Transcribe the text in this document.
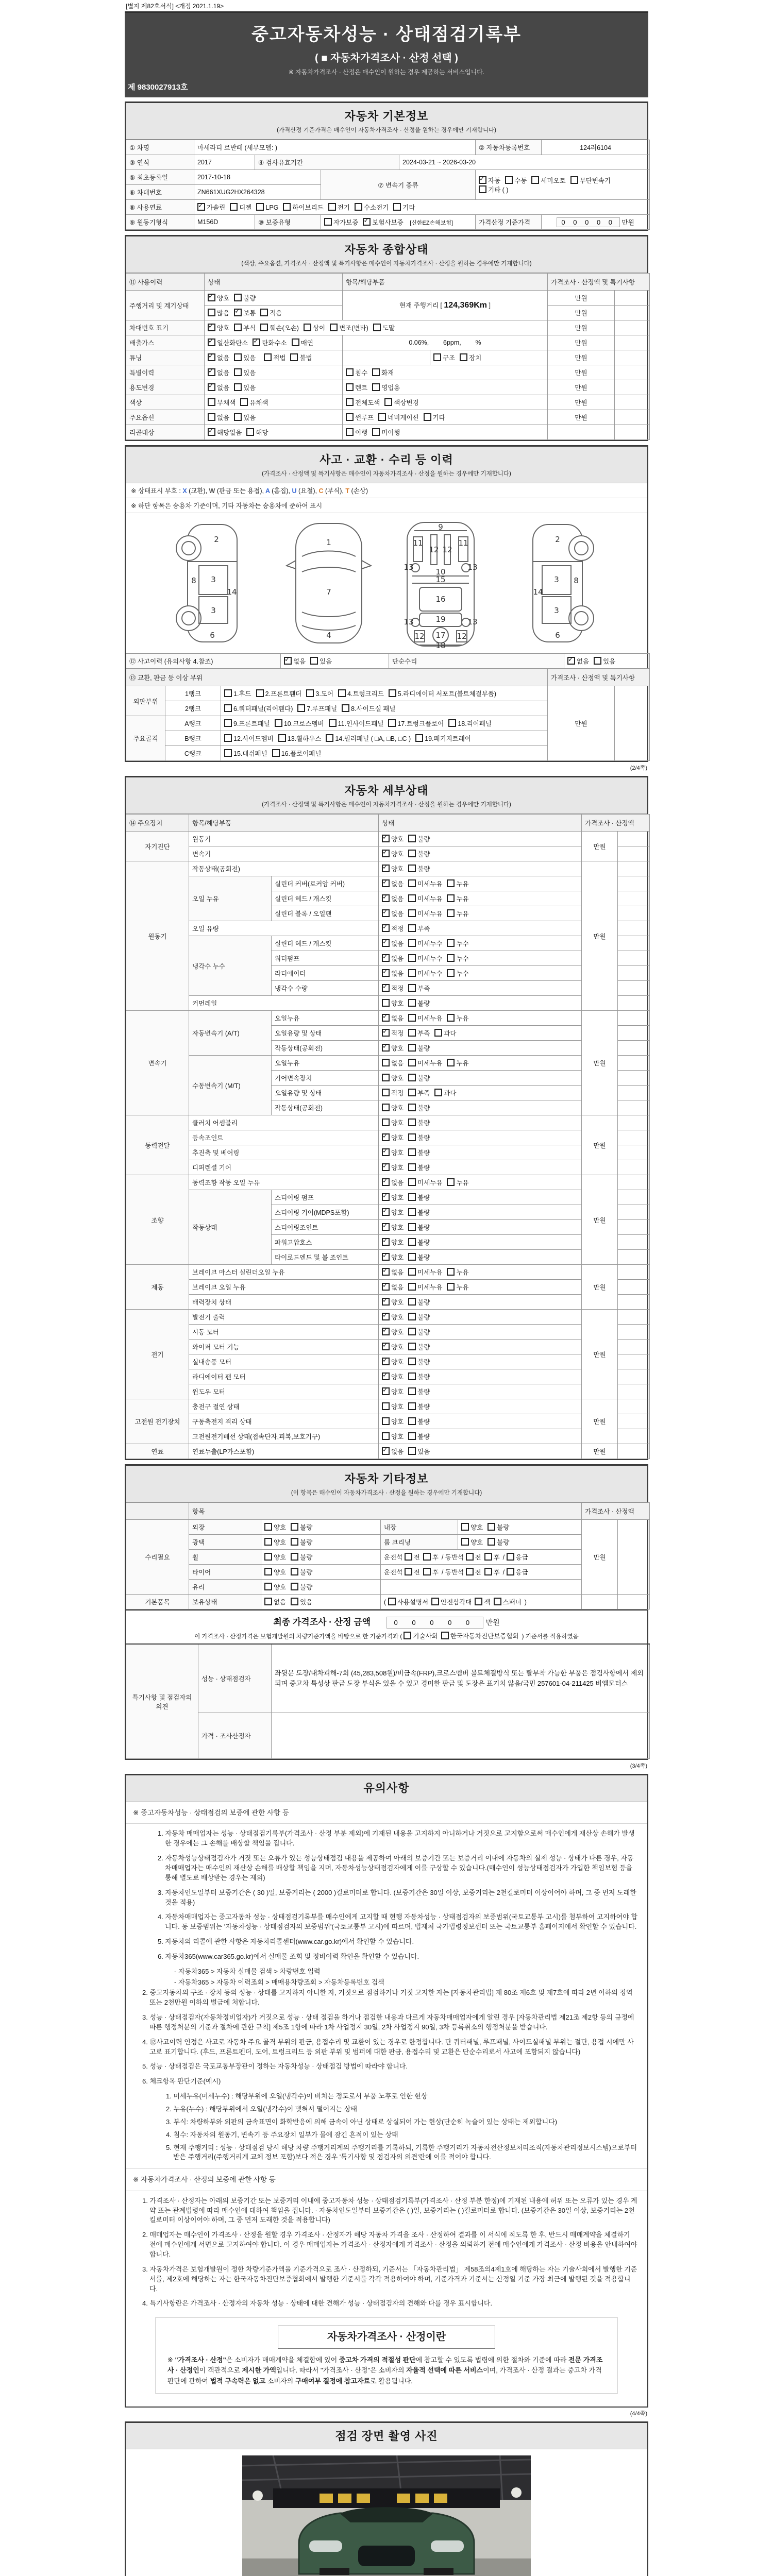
[별지 제82호서식] <개정 2021.1.19>
중고자동차성능 · 상태점검기록부
( ■ 자동차가격조사 · 산정 선택 )
※ 자동차가격조사 · 산정은 매수인이 원하는 경우 제공하는 서비스입니다.
제 9830027913호
자동차 기본정보
(가격산정 기준가격은 매수인이 자동차가격조사 · 산정을 원하는 경우에만 기재합니다)
① 차명	마세라티 르반떼 (세부모델: )				② 자동차등록번호	124러6104
③ 연식	2017	④ 검사유효기간		2024-03-21 ~ 2026-03-20		
⑤ 최초등록일	2017-10-18		⑦ 변속기 종류	✓자동 수동 세미오토 무단변속기기타 ( )
⑥ 차대번호	ZN661XUG2HX264328					
⑧ 사용연료	✓가솔린 디젤 LPG 하이브리드 전기 수소전기 기타
⑨ 원동기형식	M156D	⑩ 보증유형	자가보증 ✓ 보험사보증 [신한EZ손해보험]		가격산정 기준가격	0 0 0 0 0 만원
자동차 종합상태
(색상, 주요옵션, 가격조사 · 산정액 및 특기사항은 매수인이 자동차가격조사 · 산정을 원하는 경우에만 기재합니다)
⑪ 사용이력	상태	항목/해당부품		가격조사 · 산정액 및 특기사항	
주행거리 및 계기상태	✓양호 불량	현재 주행거리 [ 124,369Km ]		만원	
	많음 ✓ 보통 적음			만원	
차대번호 표기	✓양호 부식 훼손(오손) 상이 변조(변타) 도말			만원	
배출가스	✓일산화탄소 ✓ 탄화수소 매연	0.06%,        6ppm,        %		만원	
튜닝	✓없음 있음 적법 불법		구조 장치	만원	
특별이력	✓없음 있음	침수 화재		만원	
용도변경	✓없음 있음	렌트 영업용		만원	
색상	무채색 유채색	전체도색 색상변경		만원	
주요옵션	없음 있음	썬루프 네비게이션 기타		만원	
리콜대상	✓해당없음 해당	이행 미이행			
사고 · 교환 · 수리 등 이력
(가격조사 · 산정액 및 특기사항은 매수인이 자동차가격조사 · 산정을 원하는 경우에만 기재합니다)
※ 상태표시 부호 : X (교환), W (판금 또는 용접), A (흠집), U (요철), C (부식), T (손상)
※ 하단 항목은 승용차 기준이며, 기타 자동차는 승용차에 준하여 표시
2
8 3
14
3
6
1
7
4
11
9
11
13
12 12
13
10
15
16
13	19	13
12 17 12
18
2
3 8
14
3
6
⑫ 사고이력 (유의사항 4.참조)	✓없음 있음	단순수리	✓없음 있음
⑬ 교환, 판금 등 이상 부위			가격조사 · 산정액 및 특기사항	
외판부위	1랭크	1.후드 2.프론트휀더 3.도어 4.트렁크리드 5.라디에이터 서포트(볼트체결부품)	만원	
	2랭크	6.쿼터패널(리어휀다) 7.루프패널 8.사이드실 패널		
주요골격	A랭크	9.프론트패널 10.크로스멤버 11.인사이드패널 17.트렁크플로어 18.리어패널		
	B랭크	12.사이드멤버 13.휠하우스 14.필러패널 ( □A, □B, □C ) 19.패키지트레이		
	C랭크	15.대쉬패널 16.플로어패널		
(2/4쪽)
자동차 세부상태
(가격조사 · 산정액 및 특기사항은 매수인이 자동차가격조사 · 산정을 원하는 경우에만 기재합니다)
⑭ 주요장치	항목/해당부품		상태	가격조사 · 산정액	
자기진단	원동기	✓양호 불량	만원	
	변속기	✓양호 불량	
원동기	작동상태(공회전)	✓양호 불량	만원	
	오일 누유	실린더 커버(로커암 커버)	✓없음 미세누유 누유	
		실린더 헤드 / 개스킷	✓없음 미세누유 누유	
		실린더 블록 / 오일팬	✓없음 미세누유 누유	
	오일 유량	✓적정 부족	
	냉각수 누수	실린더 헤드 / 개스킷	✓없음 미세누수 누수	
		워터펌프	✓없음 미세누수 누수	
		라디에이터	✓없음 미세누수 누수	
		냉각수 수량	✓적정 부족	
	커먼레일		양호 불량		
변속기	자동변속기 (A/T)	오일누유	✓없음 미세누유 누유	만원	
		오일유량 및 상태	✓적정 부족 과다	
		작동상태(공회전)	✓양호 불량	
	수동변속기 (M/T)	오일누유	없음 미세누유 누유		
		기어변속장치	양호 불량		
		오일유량 및 상태	적정 부족 과다		
		작동상태(공회전)	양호 불량		
동력전달	클러치 어셈블리		양호 불량	만원	
	등속조인트	✓양호 불량	
	추진축 및 베어링	✓양호 불량	
	디퍼렌셜 기어	✓양호 불량	
조향	동력조향 작동 오일 누유	✓없음 미세누유 누유	만원	
	작동상태	스티어링 펌프	✓양호 불량	
		스티어링 기어(MDPS포함)	✓양호 불량	
		스티어링조인트	✓양호 불량	
		파워고압호스	✓양호 불량	
		타이로드엔드 및 볼 조인트	✓양호 불량	
제동	브레이크 마스터 실린더오일 누유	✓없음 미세누유 누유	만원	
	브레이크 오일 누유	✓없음 미세누유 누유	
	배력장치 상태	✓양호 불량	
전기	발전기 출력	✓양호 불량	만원	
	시동 모터	✓양호 불량	
	와이퍼 모터 기능	✓양호 불량	
	실내송풍 모터	✓양호 불량	
	라디에이터 팬 모터	✓양호 불량	
	윈도우 모터	✓양호 불량	
고전원 전기장치	충전구 절연 상태		양호 불량	만원	
	구동축전지 격리 상태		양호 불량		
	고전원전기배선 상태(접속단자,피복,보호기구)		양호 불량		
연료	연료누출(LP가스포함)	✓없음 있음	만원	
자동차 기타정보
(이 항목은 매수인이 자동차가격조사 · 산정을 원하는 경우에만 기재합니다)
	항목				가격조사 · 산정액	
수리필요	외장	양호 불량	내장	양호 불량	만원	
	광택	양호 불량	룸 크리닝	양호 불량		
	휠	양호 불량	운전석 전 후 / 동반석 전 후 / 응급			
	타이어	양호 불량	운전석 전 후 / 동반석 전 후 / 응급			
	유리	양호 불량				
기본품목	보유상태	없음 있음	( 사용설명서 안전삼각대 잭 스패너 )			
최종 가격조사 · 산정 금액	0 0 0 0 0 만원
이 가격조사 · 산정가격은 보험개발원의 차량기준가액을 바탕으로 한 기준가격과 ( 기술사회 한국자동차진단보증협회 ) 기준서를 적용하였음
특기사항 및 점검자의 의견	성능 · 상태점검자	좌뒷문 도장/내차피해-7회 (45,283,508원)/비금속(FRP),크로스멤버 볼트체결방식 또는 탈부착 가능한 부품은 점검사항에서 제외되며 중고차 특성상 판금 도장 부식은 있을 수 있고 경미한 판금 및 도장은 표기치 않음/국민 257601-04-211425 비엠모터스
	가격 · 조사산정자	
(3/4쪽)
유의사항
※ 중고자동차성능 · 상태점검의 보증에 관한 사항 등
1. 자동차 매매업자는 성능 · 상태점검기록부(가격조사 · 산정 부분 제외)에 기재된 내용을 고지하지 아니하거나 거짓으로 고지함으로써 매수인에게 재산상 손해가 발생한 경우에는 그 손해를 배상할 책임을 집니다.
2. 자동차성능상태점검자가 거짓 또는 오류가 있는 성능상태점검 내용을 제공하여 아래의 보증기간 또는 보증거리 이내에 자동차의 실제 성능 · 상태가 다른 경우, 자동차매매업자는 매수인의 재산상 손해를 배상할 책임을 지며, 자동차성능상태점검자에게 이를 구상할 수 있습니다.(매수인이 성능상태점검자가 가입한 책임보험 등을 통해 별도로 배상받는 경우는 제외)
3. 자동차인도일부터 보증기간은 ( 30 )일, 보증거리는 ( 2000 )킬로미터로 합니다. (보증기간은 30일 이상, 보증거리는 2천킬로미터 이상이어야 하며, 그 중 먼저 도래한 것을 적용)
4. 자동차매매업자는 중고자동차 성능 · 상태점검기록부를 매수인에게 고지할 때 현행 자동차성능 · 상태점검자의 보증범위(국토교통부 고시)를 첨부하여 고지하여야 합니다. 동 보증범위는 '자동차성능 · 상태점검자의 보증범위'(국토교통부 고시)에 따르며, 법제처 국가법령정보센터 또는 국토교통부 홈페이지에서 확인할 수 있습니다.
5. 자동차의 리콜에 관한 사항은 자동차리콜센터(www.car.go.kr)에서 확인할 수 있습니다.
6. 자동차365(www.car365.go.kr)에서 실매물 조회 및 정비이력 확인을 확인할 수 있습니다.
- 자동차365 > 자동차 실매물 검색 > 차량번호 입력
- 자동차365 > 자동차 이력조회 > 매매용차량조회 > 자동차등록번호 검색
2. 중고자동차의 구조 · 장치 등의 성능 · 상태를 고지하지 아니한 자, 거짓으로 점검하거나 거짓 고지한 자는 [자동차관리법] 제 80조 제6호 및 제7호에 따라 2년 이하의 징역 또는 2천만원 이하의 벌금에 처합니다.
3. 성능 · 상태점검자(자동차정비업자)가 거짓으로 성능 · 상태 점검을 하거나 점검한 내용과 다르게 자동차매매업자에게 알린 경우 [자동차관리법 제21조 제2항 등의 규정에 따른 행정처분의 기준과 절차에 관한 규칙] 제5조 1항에 따라 1차 사업정지 30일, 2차 사업정지 90일, 3차 등록취소의 행정처분을 받습니다.
4. ⑫사고이력 인정은 사고로 자동차 주요 골격 부위의 판금, 용접수리 및 교환이 있는 경우로 한정합니다. 단 쿼터패널, 루프패널, 사이드실패널 부위는 절단, 용접 시에만 사고로 표기합니다. (후드, 프론트펜더, 도어, 트렁크리드 등 외판 부위 및 범퍼에 대한 판금, 용접수리 및 교환은 단순수리로서 사고에 포함되지 않습니다)
5. 성능 · 상태점검은 국토교통부장관이 정하는 자동차성능 · 상태점검 방법에 따라야 합니다.
6. 체크항목 판단기준(예시)
1. 미세누유(미세누수) : 해당부위에 오일(냉각수)이 비치는 정도로서 부품 노후로 인한 현상
2. 누유(누수) : 해당부위에서 오일(냉각수)이 맺혀서 떨어지는 상태
3. 부식: 차량하부와 외판의 금속표면이 화학반응에 의해 금속이 아닌 상태로 상실되어 가는 현상(단순히 녹슬어 있는 상태는 제외합니다)
4. 침수: 자동차의 원동기, 변속기 등 주요장치 일부가 물에 잠긴 흔적이 있는 상태
5. 현재 주행거리 : 성능 · 상태점검 당시 해당 차량 주행거리계의 주행거리를 기록하되, 기록한 주행거리가 자동차전산정보처리조직(자동차관리정보시스템)으로부터 받은 주행거리(주행거리계 교체 정보 포함)보다 적은 경우 '특기사항 및 점검자의 의견'란에 이를 적어야 합니다.
※ 자동차가격조사 · 산정의 보증에 관한 사항 등
1. 가격조사 · 산정자는 아래의 보증기간 또는 보증거리 이내에 중고자동차 성능 · 상태점검기록부(가격조사 · 산정 부분 한정)에 기재된 내용에 허위 또는 오류가 있는 경우 계약 또는 관계법령에 따라 매수인에 대하여 책임을 집니다. · 자동차인도일부터 보증기간은 ( )일, 보증거리는 ( )킬로미터로 합니다. (보증기간은 30일 이상, 보증거리는 2천킬로미터 이상이어야 하며, 그 중 먼저 도래한 것을 적용합니다)
2. 매매업자는 매수인이 가격조사 · 산정을 원할 경우 가격조사 · 산정자가 해당 자동차 가격을 조사 · 산정하여 결과를 이 서식에 적도록 한 후, 반드시 매매계약을 체결하기 전에 매수인에게 서면으로 고지하여야 합니다. 이 경우 매매업자는 가격조사 · 산정자에게 가격조사 · 산정을 의뢰하기 전에 매수인에게 가격조사 · 산정 비용을 안내하여야 합니다.
3. 자동차가격은 보험개발원이 정한 차량기준가액을 기준가격으로 조사 · 산정하되, 기준서는 「자동차관리법」 제58조의4제1호에 해당하는 자는 기술사회에서 발행한 기준서를, 제2호에 해당하는 자는 한국자동차진단보증협회에서 발행한 기준서를 각각 적용하여야 하며, 기준가격과 기준서는 산정일 기준 가장 최근에 발행된 것을 적용합니다.
4. 특기사항란은 가격조사 · 산정자의 자동차 성능 · 상태에 대한 견해가 성능 · 상태점검자의 견해와 다를 경우 표시합니다.
자동차가격조사 · 산정이란
※ "가격조사 · 산정"은 소비자가 매매계약을 체결함에 있어 중고차 가격의 적절성 판단에 참고할 수 있도록 법령에 의한 절차와 기준에 따라 전문 가격조사 · 산정인이 객관적으로 제시한 가액입니다. 따라서 "가격조사 · 산정"은 소비자의 자율적 선택에 따른 서비스이며, 가격조사 · 산정 결과는 중고차 가격판단에 관하여 법적 구속력은 없고 소비자의 구매여부 결정에 참고자료로 활용됩니다.
(4/4쪽)
점검 장면 촬영 사진
